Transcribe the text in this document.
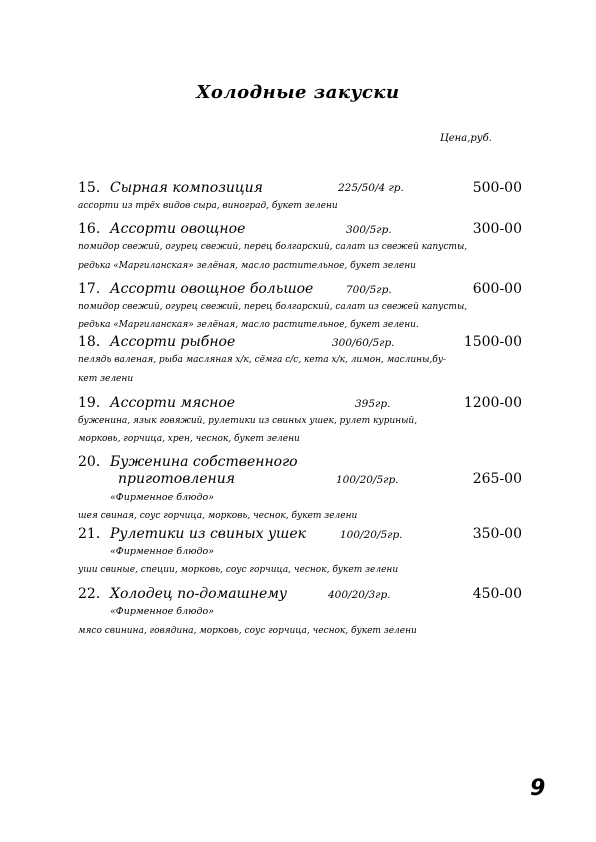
Холодные закуски
Цена,руб.
15. Сырная композиция	225/50/4 гр.	500-00
ассорти из трёх видов сыра, виноград, букет зелени
16. Ассорти овощное	300/5гр.	300-00
помидор свежий, огурец свежий, перец болгарский, салат из свежей капусты,
редька «Маргиланская» зелёная, масло растительное, букет зелени
17. Ассорти овощное большое	700/5гр.	600-00
помидор свежий, огурец свежий, перец болгарский, салат из свежей капусты,
редька «Маргиланская» зелёная, масло растительное, букет зелени.
18. Ассорти рыбное	300/60/5гр.	1500-00
пелядь валеная, рыба масляная х/к, сёмга с/с, кета х/к, лимон, маслины,бу-
кет зелени
19. Ассорти мясное	395гр.	1200-00
буженина, язык говяжий, рулетики из свиных ушек, рулет куриный,
морковь, горчица, хрен, чеснок, букет зелени
20. Буженина собственного
приготовления	100/20/5гр.	265-00
«Фирменное блюдо»
шея свиная, соус горчица, морковь, чеснок, букет зелени
21. Рулетики из свиных ушек	100/20/5гр.	350-00
«Фирменное блюдо»
уши свиные, специи, морковь, соус горчица, чеснок, букет зелени
22. Холодец по-домашнему	400/20/3гр.	450-00
«Фирменное блюдо»
мясо свинина, говядина, морковь, соус горчица, чеснок, букет зелени
9
